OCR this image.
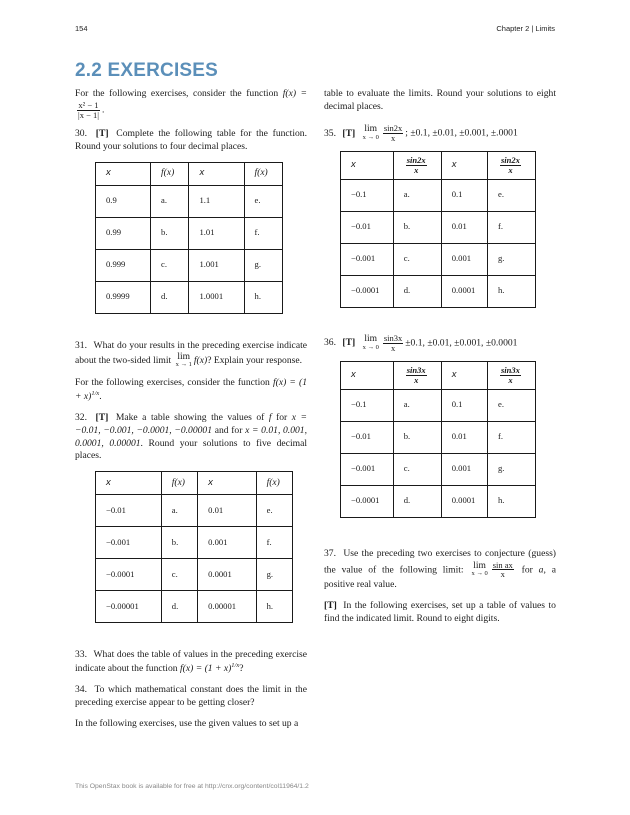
154	Chapter 2 | Limits
2.2 EXERCISES

For the following exercises, consider the function f(x) =
$\frac{\text{x² − 1}}{|x - 1|}$ .

30. [T] Complete the following table for the function. Round your solutions to four decimal places.

x	f(x)	x	f(x)
0.9	a.	1.1	e.
0.99	b.	1.01	f.
0.999	c.	1.001	g.
0.9999	d.	1.0001	h.

31. What do your results in the preceding exercise indicate about the two-sided limit lim
x → 1 f(x)? Explain your response.

For the following exercises, consider the function $f(x) = (1 + x)^{1/x}$.

32. [T] Make a table showing the values of f for x = −0.01, −0.001, −0.0001, −0.00001 and for x = 0.01, 0.001, 0.0001, 0.00001. Round your solutions to five decimal places.

x	f(x)	x	f(x)
−0.01	a.	0.01	e.
−0.001	b.	0.001	f.
−0.0001	c.	0.0001	g.
−0.00001	d.	0.00001	h.

33. What does the table of values in the preceding exercise indicate about the function $f(x) = (1 + x)^{1/x}$?

34. To which mathematical constant does the limit in the preceding exercise appear to be getting closer?

In the following exercises, use the given values to set up a

table to evaluate the limits. Round your solutions to eight decimal places.

35. [T] lim
$x \to 0 \frac{\sin 2x}{x}$ ; ±0.1, ±0.01, ±0.001, ±.0001

x	$\frac{\sin 2x}{x}$	x	$\frac{\sin 2x}{x}$

−0.1	a.	0.1	e.
−0.01	b.	0.01	f.
−0.001	c.	0.001	g.
−0.0001	d.	0.0001	h.

36. [T] lim
$x \to 0 \frac{\sin 3x}{x} \pm 0.1$, ±0.01, ±0.001, ±0.0001

x	$\frac{\sin 3x}{x}$	x	$\frac{\sin 3x}{x}$

−0.1	a.	0.1	e.
−0.01	b.	0.01	f.
−0.001	c.	0.001	g.
−0.0001	d.	0.0001	h.

37. Use the preceding two exercises to conjecture (guess) the value of the following limit: lim
$x \to 0 \frac{\text{sin ax}}{x}$ for a, a positive real value.

[T] In the following exercises, set up a table of values to find the indicated limit. Round to eight digits.

This OpenStax book is available for free at http://cnx.org/content/col11964/1.2
